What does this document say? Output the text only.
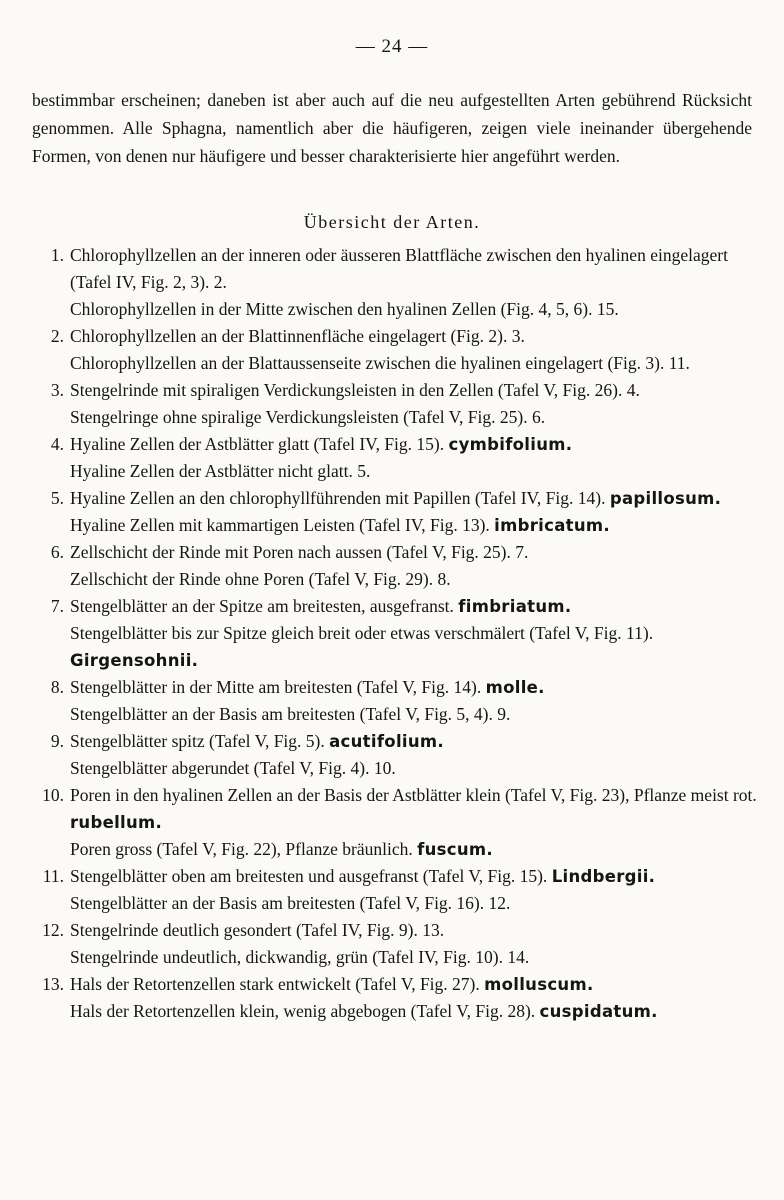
— 24 —
bestimmbar erscheinen; daneben ist aber auch auf die neu aufgestellten Arten gebührend Rücksicht genommen. Alle Sphagna, namentlich aber die häufigeren, zeigen viele ineinander übergehende Formen, von denen nur häufigere und besser charakterisierte hier angeführt werden.
Übersicht der Arten.
1. Chlorophyllzellen an der inneren oder äusseren Blattfläche zwischen den hyalinen eingelagert (Tafel IV, Fig. 2, 3). 2.
Chlorophyllzellen in der Mitte zwischen den hyalinen Zellen (Fig. 4, 5, 6). 15.
2. Chlorophyllzellen an der Blattinnenfläche eingelagert (Fig. 2). 3.
Chlorophyllzellen an der Blattaussenseite zwischen die hyalinen eingelagert (Fig. 3). 11.
3. Stengelrinde mit spiraligen Verdickungsleisten in den Zellen (Tafel V, Fig. 26). 4.
Stengelringe ohne spiralige Verdickungsleisten (Tafel V, Fig. 25). 6.
4. Hyaline Zellen der Astblätter glatt (Tafel IV, Fig. 15). cymbifolium.
Hyaline Zellen der Astblätter nicht glatt. 5.
5. Hyaline Zellen an den chlorophyllführenden mit Papillen (Tafel IV, Fig. 14). papillosum.
Hyaline Zellen mit kammartigen Leisten (Tafel IV, Fig. 13). imbricatum.
6. Zellschicht der Rinde mit Poren nach aussen (Tafel V, Fig. 25). 7.
Zellschicht der Rinde ohne Poren (Tafel V, Fig. 29). 8.
7. Stengelblätter an der Spitze am breitesten, ausgefranst. fimbriatum.
Stengelblätter bis zur Spitze gleich breit oder etwas verschmälert (Tafel V, Fig. 11). Girgensohnii.
8. Stengelblätter in der Mitte am breitesten (Tafel V, Fig. 14). molle.
Stengelblätter an der Basis am breitesten (Tafel V, Fig. 5, 4). 9.
9. Stengelblätter spitz (Tafel V, Fig. 5). acutifolium.
Stengelblätter abgerundet (Tafel V, Fig. 4). 10.
10. Poren in den hyalinen Zellen an der Basis der Astblätter klein (Tafel V, Fig. 23), Pflanze meist rot. rubellum.
Poren gross (Tafel V, Fig. 22), Pflanze bräunlich. fuscum.
11. Stengelblätter oben am breitesten und ausgefranst (Tafel V, Fig. 15). Lindbergii.
Stengelblätter an der Basis am breitesten (Tafel V, Fig. 16). 12.
12. Stengelrinde deutlich gesondert (Tafel IV, Fig. 9). 13.
Stengelrinde undeutlich, dickwandig, grün (Tafel IV, Fig. 10). 14.
13. Hals der Retortenzellen stark entwickelt (Tafel V, Fig. 27). molluscum.
Hals der Retortenzellen klein, wenig abgebogen (Tafel V, Fig. 28). cuspidatum.
